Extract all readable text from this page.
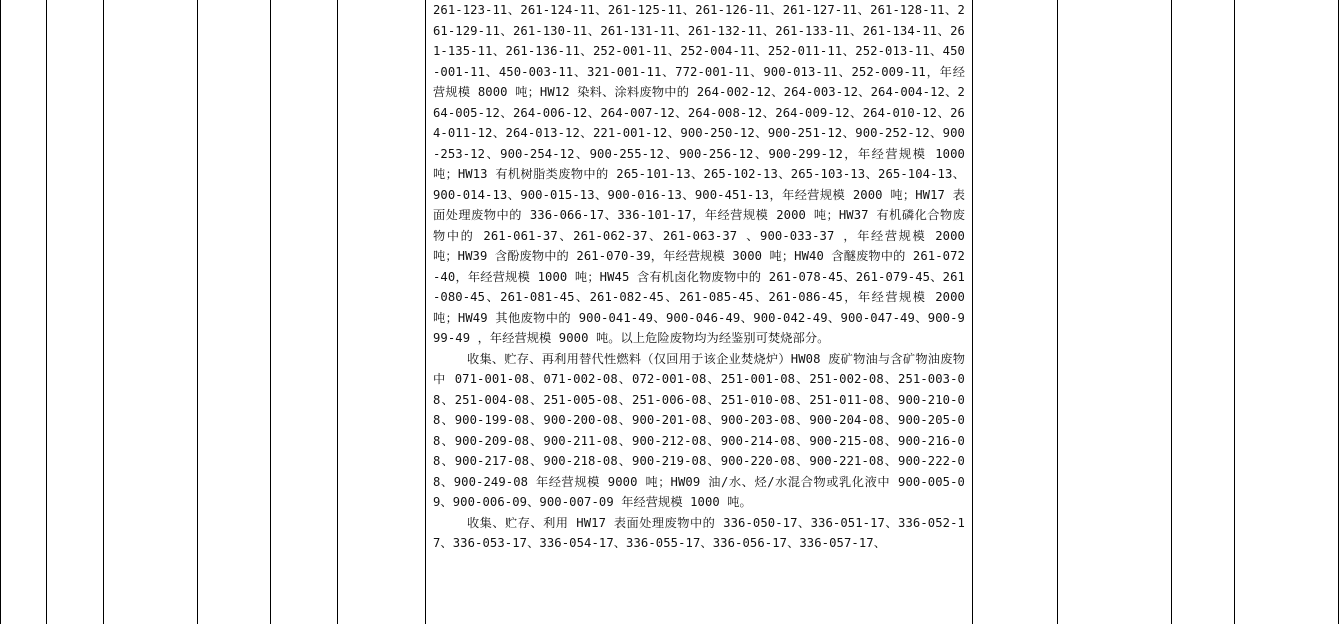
261-123-11、261-124-11、261-125-11、261-126-11、261-127-11、261-128-11、261-129-11、261-130-11、261-131-11、261-132-11、261-133-11、261-134-11、261-135-11、261-136-11、252-001-11、252-004-11、252-011-11、252-013-11、450-001-11、450-003-11、321-001-11、772-001-11、900-013-11、252-009-11，年经营规模 8000 吨；HW12 染料、涂料废物中的 264-002-12、264-003-12、264-004-12、264-005-12、264-006-12、264-007-12、264-008-12、264-009-12、264-010-12、264-011-12、264-013-12、221-001-12、900-250-12、900-251-12、900-252-12、900-253-12、900-254-12、900-255-12、900-256-12、900-299-12，年经营规模 1000 吨；HW13 有机树脂类废物中的 265-101-13、265-102-13、265-103-13、265-104-13、900-014-13、900-015-13、900-016-13、900-451-13，年经营规模 2000 吨；HW17 表面处理废物中的 336-066-17、336-101-17，年经营规模 2000 吨；HW37 有机磷化合物废物中的 261-061-37、261-062-37、261-063-37 、900-033-37 ，年经营规模 2000 吨；HW39 含酚废物中的 261-070-39，年经营规模 3000 吨；HW40 含醚废物中的 261-072-40，年经营规模 1000 吨；HW45 含有机卤化物废物中的 261-078-45、261-079-45、261-080-45、261-081-45、261-082-45、261-085-45、261-086-45，年经营规模 2000 吨；HW49 其他废物中的 900-041-49、900-046-49、900-042-49、900-047-49、900-999-49 ，年经营规模 9000 吨。以上危险废物均为经鉴别可焚烧部分。

收集、贮存、再利用替代性燃料（仅回用于该企业焚烧炉）HW08 废矿物油与含矿物油废物中 071-001-08、071-002-08、072-001-08、251-001-08、251-002-08、251-003-08、251-004-08、251-005-08、251-006-08、251-010-08、251-011-08、900-210-08、900-199-08、900-200-08、900-201-08、900-203-08、900-204-08、900-205-08、900-209-08、900-211-08、900-212-08、900-214-08、900-215-08、900-216-08、900-217-08、900-218-08、900-219-08、900-220-08、900-221-08、900-222-08、900-249-08 年经营规模 9000 吨；HW09 油/水、烃/水混合物或乳化液中 900-005-09、900-006-09、900-007-09 年经营规模 1000 吨。

收集、贮存、利用 HW17 表面处理废物中的 336-050-17、336-051-17、336-052-17、336-053-17、336-054-17、336-055-17、336-056-17、336-057-17、
